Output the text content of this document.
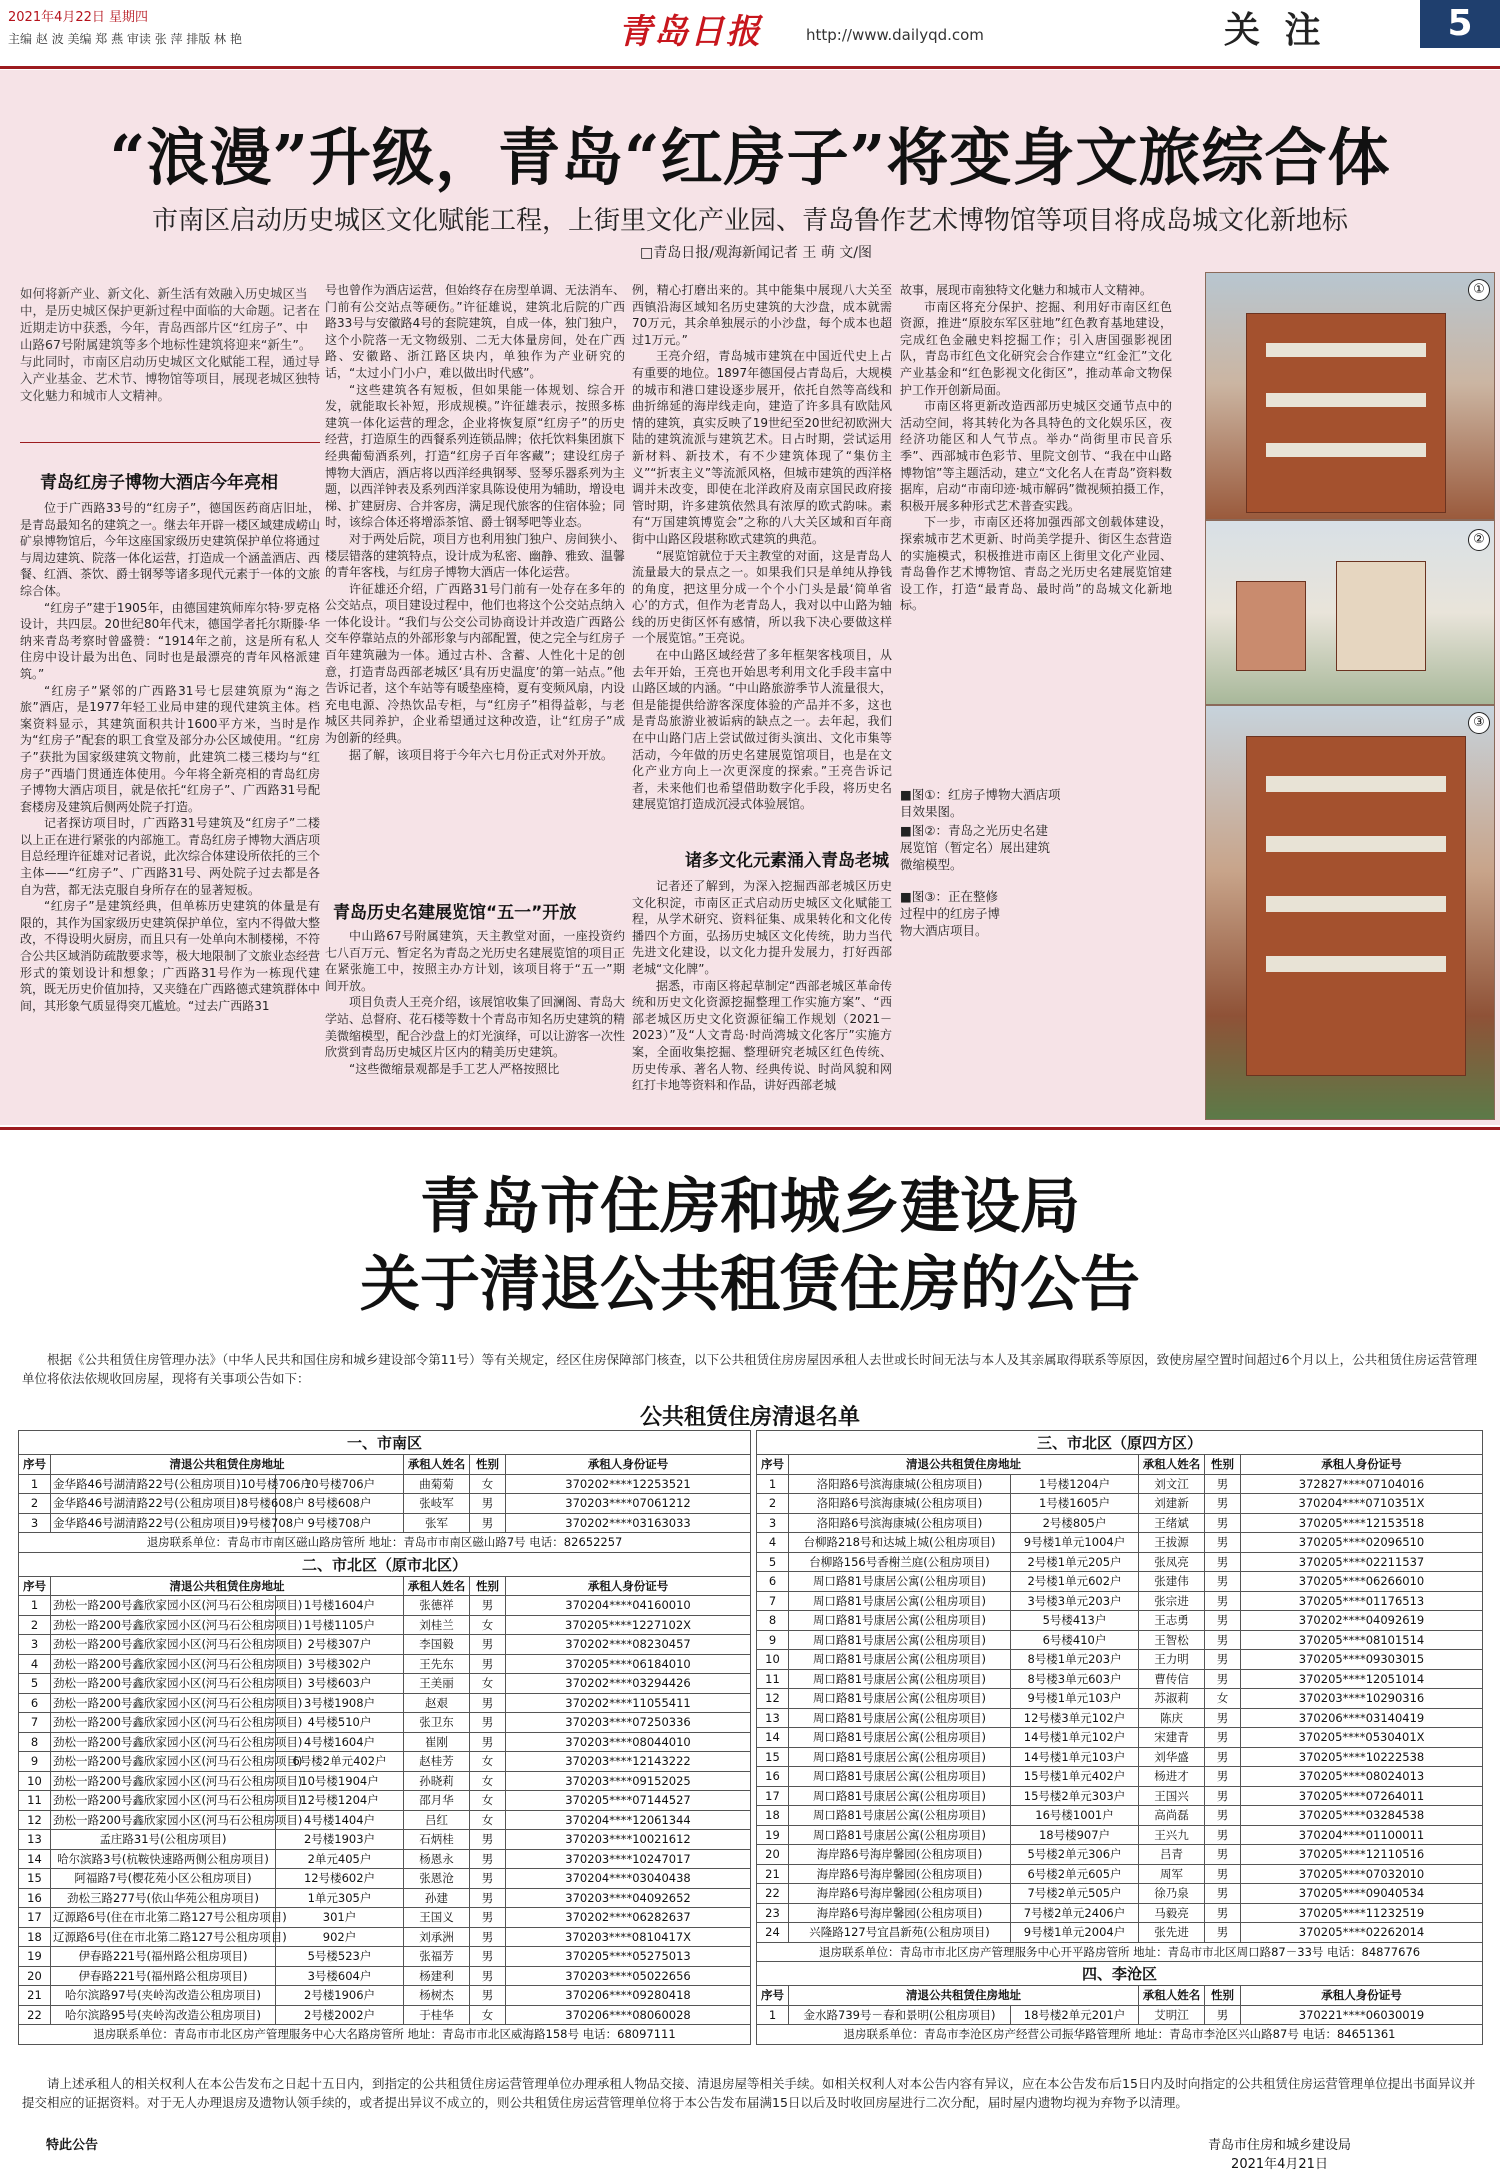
2021年4月22日 星期四
主编 赵 波 美编 郑 燕 审读 张 萍 排版 林 艳	青岛日报	http://www.dailyqd.com	关 注	5
“浪漫”升级，青岛“红房子”将变身文旅综合体
市南区启动历史城区文化赋能工程，上街里文化产业园、青岛鲁作艺术博物馆等项目将成岛城文化新地标
□青岛日报/观海新闻记者 王 萌 文/图
如何将新产业、新文化、新生活有效融入历史城区当中，是历史城区保护更新过程中面临的大命题。记者在近期走访中获悉，今年，青岛西部片区“红房子”、中山路67号附属建筑等多个地标性建筑将迎来“新生”。与此同时，市南区启动历史城区文化赋能工程，通过导入产业基金、艺术节、博物馆等项目，展现老城区独特文化魅力和城市人文精神。
青岛红房子博物大酒店今年亮相

位于广西路33号的“红房子”，德国医药商店旧址，是青岛最知名的建筑之一。继去年开辟一楼区域建成崂山矿泉博物馆后，今年这座国家级历史建筑保护单位将通过与周边建筑、院落一体化运营，打造成一个涵盖酒店、西餐、红酒、茶饮、爵士钢琴等诸多现代元素于一体的文旅综合体。

“红房子”建于1905年，由德国建筑师库尔特·罗克格设计，共四层。20世纪80年代末，德国学者托尔斯滕·华纳来青岛考察时曾盛赞：“1914年之前，这是所有私人住房中设计最为出色、同时也是最漂亮的青年风格派建筑。”

“红房子”紧邻的广西路31号七层建筑原为“海之旅”酒店，是1977年轻工业局申建的现代建筑主体。档案资料显示，其建筑面积共计1600平方米，当时是作为“红房子”配套的职工食堂及部分办公区域使用。“红房子”获批为国家级建筑文物前，此建筑二楼三楼均与“红房子”西墙门贯通连体使用。今年将全新亮相的青岛红房子博物大酒店项目，就是依托“红房子”、广西路31号配套楼房及建筑后侧两处院子打造。

记者探访项目时，广西路31号建筑及“红房子”二楼以上正在进行紧张的内部施工。青岛红房子博物大酒店项目总经理许征雄对记者说，此次综合体建设所依托的三个主体——“红房子”、广西路31号、两处院子过去都是各自为营，都无法克服自身所存在的显著短板。

“红房子”是建筑经典，但单栋历史建筑的体量是有限的，其作为国家级历史建筑保护单位，室内不得做大整改，不得设明火厨房，而且只有一处单向木制楼梯，不符合公共区域消防疏散要求等，极大地限制了文旅业态经营形式的策划设计和想象；广西路31号作为一栋现代建筑，既无历史价值加持，又夹缝在广西路德式建筑群体中间，其形象气质显得突兀尴尬。“过去广西路31

号也曾作为酒店运营，但始终存在房型单调、无法消车、门前有公交站点等硬伤。”许征雄说，建筑北后院的广西路33号与安徽路4号的套院建筑，自成一体，独门独户，这个小院落一无文物级别、二无大体量房间，处在广西路、安徽路、浙江路区块内，单独作为产业研究的话，“太过小门小户，难以做出时代感”。

“这些建筑各有短板，但如果能一体规划、综合开发，就能取长补短，形成规模。”许征雄表示，按照多栋建筑一体化运营的理念，企业将恢复原“红房子”的历史经营，打造原生的西餐系列连锁品牌；依托饮料集团旗下经典葡萄酒系列，打造“红房子百年客藏”；建设红房子博物大酒店，酒店将以西洋经典钢琴、竖琴乐器系列为主题，以西洋钟表及系列西洋家具陈设使用为辅助，增设电梯、扩建厨房、合并客房，满足现代旅客的住宿体验；同时，该综合体还将增添茶馆、爵士钢琴吧等业态。

对于两处后院，项目方也利用独门独户、房间狭小、楼层错落的建筑特点，设计成为私密、幽静、雅致、温馨的青年客栈，与红房子博物大酒店一体化运营。

许征雄还介绍，广西路31号门前有一处存在多年的公交站点，项目建设过程中，他们也将这个公交站点纳入一体化设计。“我们与公交公司协商设计并改造广西路公交车停靠站点的外部形象与内部配置，使之完全与红房子百年建筑融为一体。通过古朴、含蓄、人性化十足的创意，打造青岛西部老城区‘具有历史温度’的第一站点。”他告诉记者，这个车站等有暖垫座椅，夏有变频风扇，内设充电电源、冷热饮品专柜，与“红房子”相得益彰，与老城区共同养护，企业希望通过这种改造，让“红房子”成为创新的经典。

据了解，该项目将于今年六七月份正式对外开放。

青岛历史名建展览馆“五一”开放

中山路67号附属建筑，天主教堂对面，一座投资约七八百万元、暂定名为青岛之光历史名建展览馆的项目正在紧张施工中，按照主办方计划，该项目将于“五一”期间开放。

项目负责人王亮介绍，该展馆收集了回澜阁、青岛大学站、总督府、花石楼等数十个青岛市知名历史建筑的精美微缩模型，配合沙盘上的灯光演绎，可以让游客一次性欣赏到青岛历史城区片区内的精美历史建筑。

“这些微缩景观都是手工艺人严格按照比

例，精心打磨出来的。其中能集中展现八大关至西镇沿海区域知名历史建筑的大沙盘，成本就需70万元，其余单独展示的小沙盘，每个成本也超过1万元。”

王亮介绍，青岛城市建筑在中国近代史上占有重要的地位。1897年德国侵占青岛后，大规模的城市和港口建设逐步展开，依托自然等高线和曲折绵延的海岸线走向，建造了许多具有欧陆风情的建筑，真实反映了19世纪至20世纪初欧洲大陆的建筑流派与建筑艺术。日占时期，尝试运用新材料、新技术，有不少建筑体现了“集仿主义”“折衷主义”等流派风格，但城市建筑的西洋格调并未改变，即使在北洋政府及南京国民政府接管时期，许多建筑依然具有浓厚的欧式韵味。素有“万国建筑博览会”之称的八大关区域和百年商街中山路区段堪称欧式建筑的典范。

“展览馆就位于天主教堂的对面，这是青岛人流量最大的景点之一。如果我们只是单纯从挣钱的角度，把这里分成一个个小门头是最‘简单省心’的方式，但作为老青岛人，我对以中山路为轴线的历史街区怀有感情，所以我下决心要做这样一个展览馆。”王亮说。

在中山路区域经营了多年框架客栈项目，从去年开始，王亮也开始思考利用文化手段丰富中山路区域的内涵。“中山路旅游季节人流量很大，但是能提供给游客深度体验的产品并不多，这也是青岛旅游业被诟病的缺点之一。去年起，我们在中山路门店上尝试做过街头演出、文化市集等活动，今年做的历史名建展览馆项目，也是在文化产业方向上一次更深度的探索。”王亮告诉记者，未来他们也希望借助数字化手段，将历史名建展览馆打造成沉浸式体验展馆。

诸多文化元素涌入青岛老城

记者还了解到，为深入挖掘西部老城区历史文化积淀，市南区正式启动历史城区文化赋能工程，从学术研究、资料征集、成果转化和文化传播四个方面，弘扬历史城区文化传统，助力当代先进文化建设，以文化力提升发展力，打好西部老城“文化牌”。

据悉，市南区将起草制定“西部老城区革命传统和历史文化资源挖掘整理工作实施方案”、“西部老城区历史文化资源征编工作规划（2021－2023）”及“人文青岛·时尚湾城文化客厅”实施方案，全面收集挖掘、整理研究老城区红色传统、历史传承、著名人物、经典传说、时尚风貌和网红打卡地等资料和作品，讲好西部老城

故事，展现市南独特文化魅力和城市人文精神。

市南区将充分保护、挖掘、利用好市南区红色资源，推进“原胶东军区驻地”红色教育基地建设，完成红色金融史料挖掘工作；引入唐国强影视团队，青岛市红色文化研究会合作建立“红金汇”文化产业基金和“红色影视文化街区”，推动革命文物保护工作开创新局面。

市南区将更新改造西部历史城区交通节点中的活动空间，将其转化为各具特色的文化娱乐区，夜经济功能区和人气节点。举办“尚街里市民音乐季”、西部城市色彩节、里院文创节、“我在中山路博物馆”等主题活动，建立“文化名人在青岛”资料数据库，启动“市南印迹·城市解码”微视频拍摄工作，积极开展多种形式艺术普查实践。

下一步，市南区还将加强西部文创载体建设，探索城市艺术更新、时尚美学提升、街区生态营造的实施模式，积极推进市南区上街里文化产业园、青岛鲁作艺术博物馆、青岛之光历史名建展览馆建设工作，打造“最青岛、最时尚”的岛城文化新地标。

■图①：红房子博物大酒店项目效果图。
■图②：青岛之光历史名建展览馆（暂定名）展出建筑微缩模型。
■图③：正在整修过程中的红房子博物大酒店项目。
①
②
③
青岛市住房和城乡建设局
关于清退公共租赁住房的公告
根据《公共租赁住房管理办法》（中华人民共和国住房和城乡建设部令第11号）等有关规定，经区住房保障部门核查，以下公共租赁住房房屋因承租人去世或长时间无法与本人及其亲属取得联系等原因，致使房屋空置时间超过6个月以上，公共租赁住房运营管理单位将依法依规收回房屋，现将有关事项公告如下：
公共租赁住房清退名单
一、市南区					
序号	清退公共租赁住房地址		承租人姓名	性别	承租人身份证号
1	金华路46号湖清路22号(公租房项目)10号楼706户	10号楼706户	曲菊菊	女	370202****12253521
2	金华路46号湖清路22号(公租房项目)8号楼608户	8号楼608户	张岐军	男	370203****07061212
3	金华路46号湖清路22号(公租房项目)9号楼708户	9号楼708户	张军	男	370202****03163033
退房联系单位：青岛市市南区磁山路房管所 地址：青岛市市南区磁山路7号 电话：82652257					
二、市北区（原市北区）					
序号	清退公共租赁住房地址		承租人姓名	性别	承租人身份证号
1	劲松一路200号鑫欣家园小区(河马石公租房项目)	1号楼1604户	张德祥	男	370204****04160010
2	劲松一路200号鑫欣家园小区(河马石公租房项目)	1号楼1105户	刘桂兰	女	370205****1227102X
3	劲松一路200号鑫欣家园小区(河马石公租房项目)	2号楼307户	李国毅	男	370202****08230457
4	劲松一路200号鑫欣家园小区(河马石公租房项目)	3号楼302户	王先东	男	370205****06184010
5	劲松一路200号鑫欣家园小区(河马石公租房项目)	3号楼603户	王美丽	女	370202****03294426
6	劲松一路200号鑫欣家园小区(河马石公租房项目)	3号楼1908户	赵艰	男	370202****11055411
7	劲松一路200号鑫欣家园小区(河马石公租房项目)	4号楼510户	张卫东	男	370203****07250336
8	劲松一路200号鑫欣家园小区(河马石公租房项目)	4号楼1604户	崔刚	男	370203****08044010
9	劲松一路200号鑫欣家园小区(河马石公租房项目)	6号楼2单元402户	赵桂芳	女	370203****12143222
10	劲松一路200号鑫欣家园小区(河马石公租房项目)	10号楼1904户	孙晓莉	女	370203****09152025
11	劲松一路200号鑫欣家园小区(河马石公租房项目)	12号楼1204户	邵月华	女	370205****07144527
12	劲松一路200号鑫欣家园小区(河马石公租房项目)	4号楼1404户	吕红	女	370204****12061344
13	孟庄路31号(公租房项目)	2号楼1903户	石炳桂	男	370203****10021612
14	哈尔滨路3号(杭鞍快速路两侧公租房项目)	2单元405户	杨恩永	男	370203****10247017
15	阿福路7号(樱花苑小区公租房项目)	12号楼602户	张恩沧	男	370204****03040438
16	劲松三路277号(依山华苑公租房项目)	1单元305户	孙建	男	370203****04092652
17	辽源路6号(住在市北第二路127号公租房项目)	301户	王国义	男	370202****06282637
18	辽源路6号(住在市北第二路127号公租房项目)	902户	刘承洲	男	370203****0810417X
19	伊春路221号(福州路公租房项目)	5号楼523户	张福芳	男	370205****05275013
20	伊春路221号(福州路公租房项目)	3号楼604户	杨建利	男	370203****05022656
21	哈尔滨路97号(夹岭沟改造公租房项目)	2号楼1906户	杨树杰	男	370206****09280418
22	哈尔滨路95号(夹岭沟改造公租房项目)	2号楼2002户	于桂华	女	370206****08060028
退房联系单位：青岛市市北区房产管理服务中心大名路房管所 地址：青岛市市北区威海路158号 电话：68097111					
三、市北区（原四方区）					
序号	清退公共租赁住房地址		承租人姓名	性别	承租人身份证号
1	洛阳路6号滨海康城(公租房项目)	1号楼1204户	刘文江	男	372827****07104016
2	洛阳路6号滨海康城(公租房项目)	1号楼1605户	刘建新	男	370204****0710351X
3	洛阳路6号滨海康城(公租房项目)	2号楼805户	王绪斌	男	370205****12153518
4	台柳路218号和达城上城(公租房项目)	9号楼1单元1004户	王拔源	男	370205****02096510
5	台柳路156号香榭兰庭(公租房项目)	2号楼1单元205户	张凤亮	男	370205****02211537
6	周口路81号康居公寓(公租房项目)	2号楼1单元602户	张建伟	男	370205****06266010
7	周口路81号康居公寓(公租房项目)	3号楼3单元203户	张宗进	男	370205****01176513
8	周口路81号康居公寓(公租房项目)	5号楼413户	王志勇	男	370202****04092619
9	周口路81号康居公寓(公租房项目)	6号楼410户	王智松	男	370205****08101514
10	周口路81号康居公寓(公租房项目)	8号楼1单元203户	王力明	男	370205****09303015
11	周口路81号康居公寓(公租房项目)	8号楼3单元603户	曹传信	男	370205****12051014
12	周口路81号康居公寓(公租房项目)	9号楼1单元103户	苏淑莉	女	370203****10290316
13	周口路81号康居公寓(公租房项目)	12号楼3单元102户	陈庆	男	370206****03140419
14	周口路81号康居公寓(公租房项目)	14号楼1单元102户	宋建青	男	370205****0530401X
15	周口路81号康居公寓(公租房项目)	14号楼1单元103户	刘华盛	男	370205****10222538
16	周口路81号康居公寓(公租房项目)	15号楼1单元402户	杨进才	男	370205****08024013
17	周口路81号康居公寓(公租房项目)	15号楼2单元303户	王国兴	男	370205****07264011
18	周口路81号康居公寓(公租房项目)	16号楼1001户	高尚磊	男	370205****03284538
19	周口路81号康居公寓(公租房项目)	18号楼907户	王兴九	男	370204****01100011
20	海岸路6号海岸馨园(公租房项目)	5号楼2单元306户	吕青	男	370205****12110516
21	海岸路6号海岸馨园(公租房项目)	6号楼2单元605户	周军	男	370205****07032010
22	海岸路6号海岸馨园(公租房项目)	7号楼2单元505户	徐乃泉	男	370205****09040534
23	海岸路6号海岸馨园(公租房项目)	7号楼2单元2406户	马毅亮	男	370205****11232519
24	兴隆路127号宜昌新苑(公租房项目)	9号楼1单元2004户	张先进	男	370205****02262014
退房联系单位：青岛市市北区房产管理服务中心开平路房管所 地址：青岛市市北区周口路87－33号 电话：84877676					
四、李沧区					
序号	清退公共租赁住房地址		承租人姓名	性别	承租人身份证号
1	金水路739号－春和景明(公租房项目)	18号楼2单元201户	艾明江	男	370221****06030019
退房联系单位：青岛市李沧区房产经营公司振华路管理所 地址：青岛市李沧区兴山路87号 电话：84651361					
请上述承租人的相关权利人在本公告发布之日起十五日内，到指定的公共租赁住房运营管理单位办理承租人物品交接、清退房屋等相关手续。如相关权利人对本公告内容有异议，应在本公告发布后15日内及时向指定的公共租赁住房运营管理单位提出书面异议并提交相应的证据资料。对于无人办理退房及遗物认领手续的，或者提出异议不成立的，则公共租赁住房运营管理单位将于本公告发布届满15日以后及时收回房屋进行二次分配，届时屋内遗物均视为弃物予以清理。
特此公告	青岛市住房和城乡建设局
2021年4月21日
